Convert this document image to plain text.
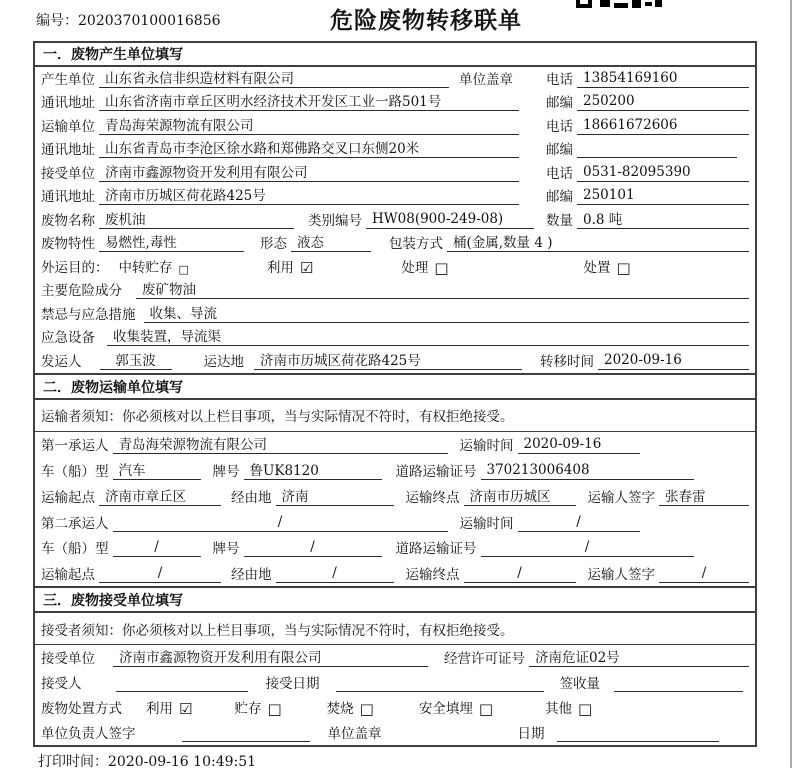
编号：2020370100016856	危险废物转移联单
一．废物产生单位填写
产生单位 山东省永信非织造材料有限公司	单位盖章 电话 13854169160
通讯地址 山东省济南市章丘区明水经济技术开发区工业一路501号	邮编 250200
运输单位 青岛海荣源物流有限公司	电话 18661672606
通讯地址 山东省青岛市李沧区徐水路和郑佛路交叉口东侧20米	邮编
接受单位 济南市鑫源物资开发利用有限公司	电话 0531-82095390
通讯地址 济南市历城区荷花路425号	邮编 250101
废物名称 废机油	类别编号 HW08(900-249-08)	数量 0.8 吨
废物特性 易燃性,毒性	形态 液态	包装方式 桶(金属,数量 4 )
外运目的： 中转贮存 □	利用 ☑	处理 □	处置 □
主要危险成分	废矿物油
禁忌与应急措施	收集、导流
应急设备	收集装置，导流渠
发运人	郭玉波	运达地	济南市历城区荷花路425号	转移时间 2020-09-16
二．废物运输单位填写
运输者须知：你必须核对以上栏目事项，当与实际情况不符时，有权拒绝接受。
第一承运人 青岛海荣源物流有限公司	运输时间 2020-09-16
车（船）型 汽车	牌号 鲁UK8120	道路运输证号 370213006408
运输起点 济南市章丘区	经由地 济南	运输终点 济南市历城区	运输人签字 张春雷
第二承运人	/	运输时间	/
车（船）型	/	牌号	/	道路运输证号	/
运输起点	/	经由地	/	运输终点	/	运输人签字	/
三．废物接受单位填写
接受者须知：你必须核对以上栏目事项，当与实际情况不符时，有权拒绝接受。
接受单位	济南市鑫源物资开发利用有限公司	经营许可证号 济南危证02号
接受人	接受日期	签收量
废物处置方式 利用 ☑	贮存 □	焚烧 □	安全填埋 □	其他 □
单位负责人签字	单位盖章	日期
打印时间：2020-09-16 10:49:51
